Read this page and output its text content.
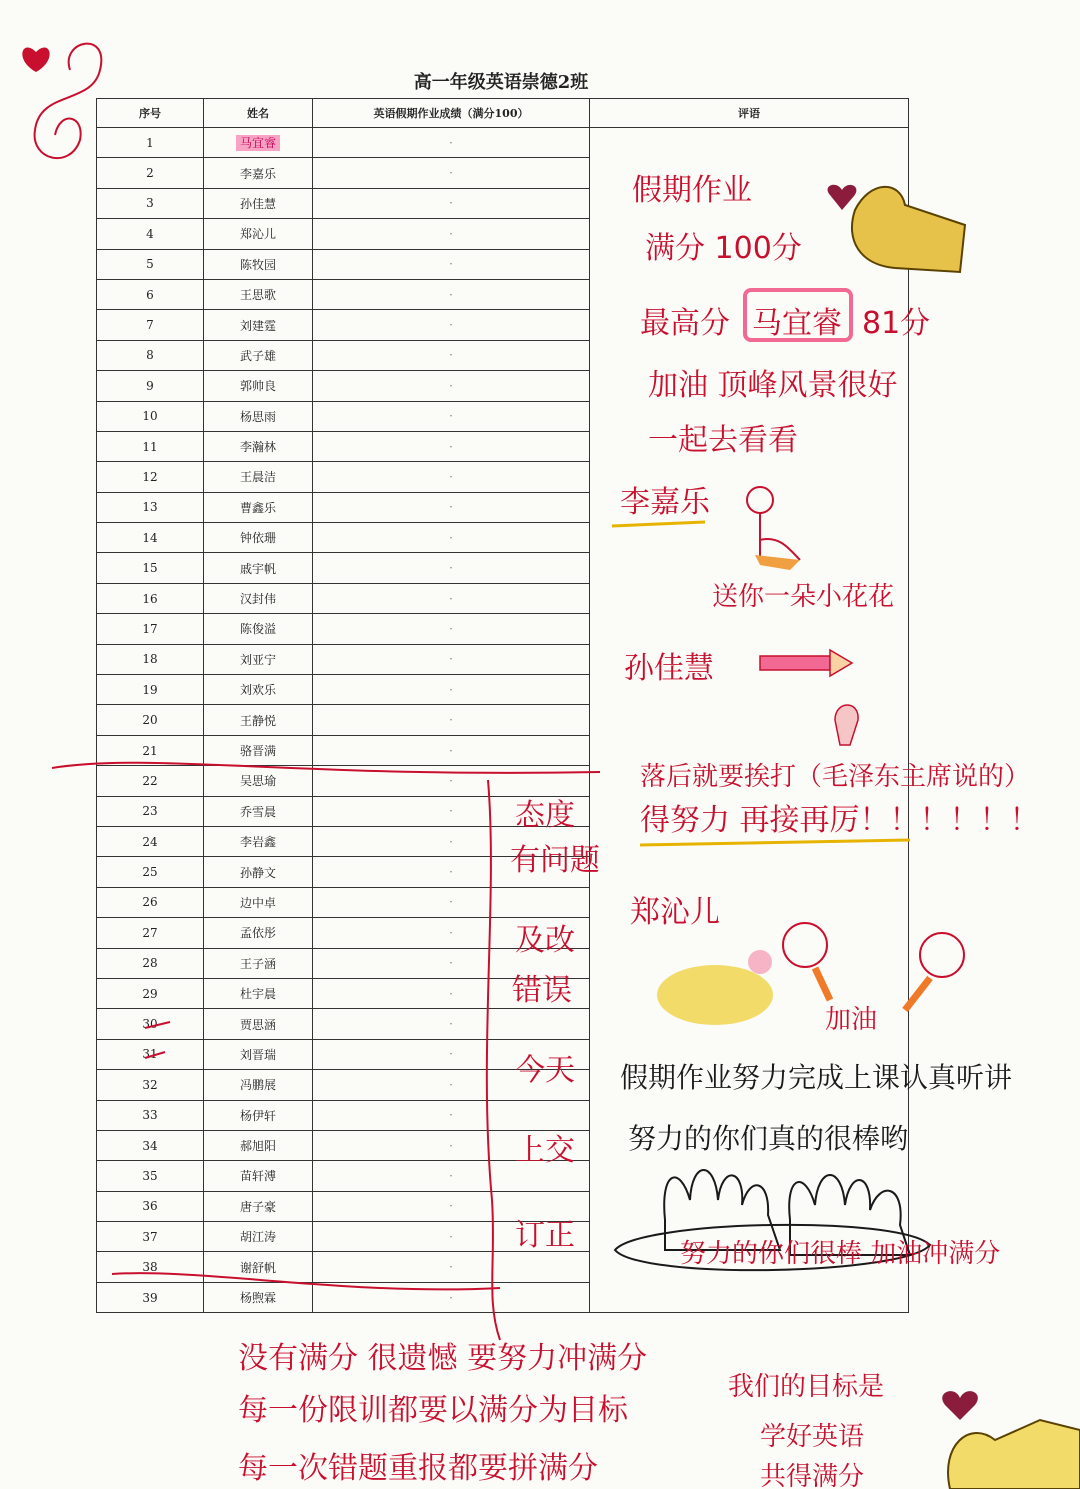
高一年级英语崇德2班
序号	姓名	英语假期作业成绩（满分100）	评语
1	马宜睿	·	
2	李嘉乐	·	
3	孙佳慧	·	
4	郑沁儿	·	
5	陈牧园	·	
6	王思歌	·	
7	刘建霆	·	
8	武子雄	·	
9	郭帅良	·	
10	杨思雨	·	
11	李瀚林	·	
12	王晨洁	·	
13	曹鑫乐	·	
14	钟依珊	·	
15	戚宇帆	·	
16	汉封伟	·	
17	陈俊溢	·	
18	刘亚宁	·	
19	刘欢乐	·	
20	王静悦	·	
21	骆晋满	·	
22	吴思瑜	·	
23	乔雪晨	·	
24	李岩鑫	·	
25	孙静文	·	
26	边中卓	·	
27	孟依彤	·	
28	王子涵	·	
29	杜宇晨	·	
30	贾思涵	·	
31	刘晋瑞	·	
32	冯鹏展	·	
33	杨伊轩	·	
34	郝旭阳	·	
35	苗轩溥	·	
36	唐子豪	·	
37	胡江涛	·	
38	谢舒帆	·	
39	杨煦霖	·	
假期作业
满分 100分
最高分 马宜睿 81分
加油 顶峰风景很好
一起去看看
李嘉乐
送你一朵小花花
孙佳慧
落后就要挨打（毛泽东主席说的）
得努力 再接再厉！！！！！！
郑沁儿
加油
假期作业努力完成上课认真听讲
努力的你们真的很棒哟
努力的你们很棒 加油冲满分
态度
有问题
及改
错误
今天
上交
订正
没有满分 很遗憾 要努力冲满分
每一份限训都要以满分为目标
每一次错题重报都要拼满分
我们的目标是
学好英语
共得满分
